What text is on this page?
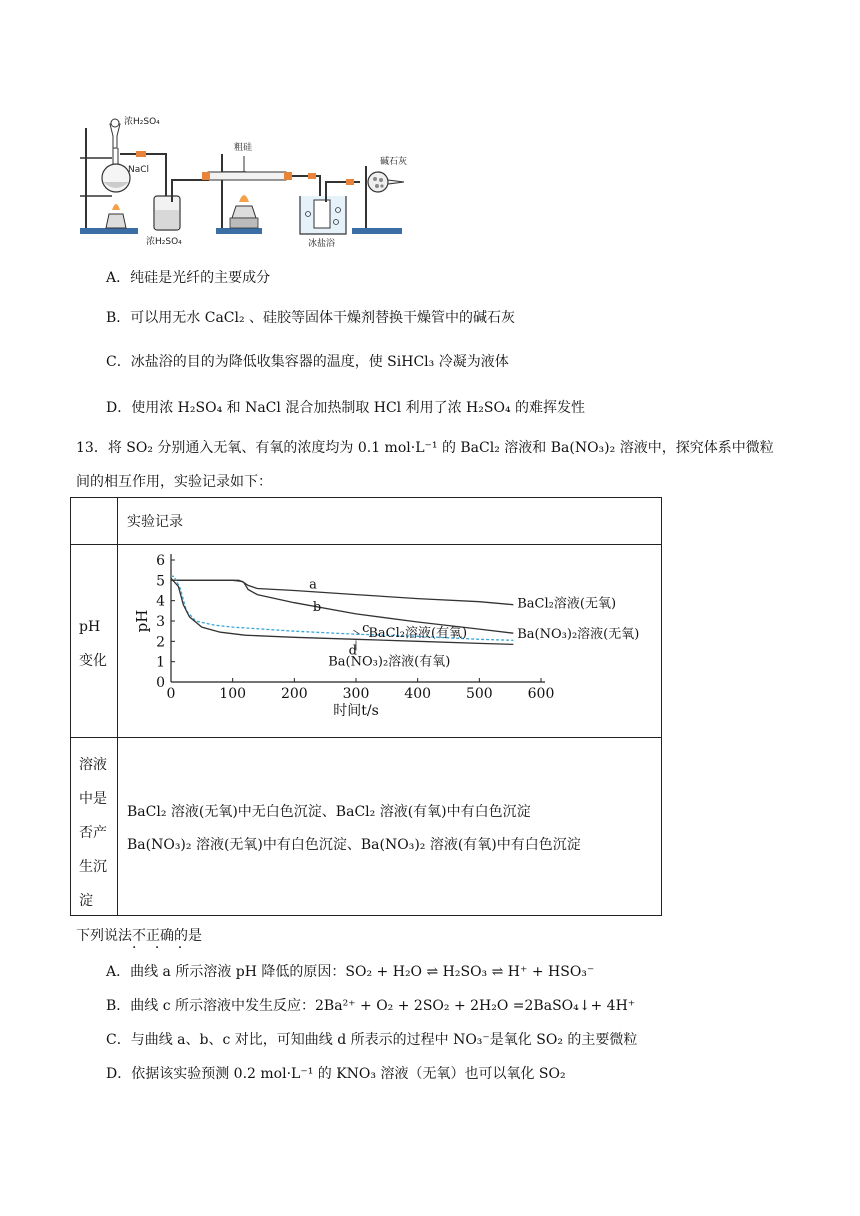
浓H₂SO₄
NaCl
浓H₂SO₄
粗硅
冰盐浴
碱石灰
A．纯硅是光纤的主要成分
B．可以用无水 CaCl₂ 、硅胶等固体干燥剂替换干燥管中的碱石灰
C．冰盐浴的目的为降低收集容器的温度，使 SiHCl₃ 冷凝为液体
D．使用浓 H₂SO₄ 和 NaCl 混合加热制取 HCl 利用了浓 H₂SO₄ 的难挥发性
13．将 SO₂ 分别通入无氧、有氧的浓度均为 0.1 mol·L⁻¹ 的 BaCl₂ 溶液和 Ba(NO₃)₂ 溶液中，探究体系中微粒
间的相互作用，实验记录如下：
实验记录
pH
变化
溶液
中是
否产
生沉
淀
BaCl₂ 溶液(无氧)中无白色沉淀、BaCl₂ 溶液(有氧)中有白色沉淀
Ba(NO₃)₂ 溶液(无氧)中有白色沉淀、Ba(NO₃)₂ 溶液(有氧)中有白色沉淀
0
1
2
3
4
5
6
0	100 200 300 400 500 600
pH
时间t/s
a
b
c
d
BaCl₂溶液(无氧)
Ba(NO₃)₂溶液(无氧)
BaCl₂溶液(有氧)
Ba(NO₃)₂溶液(有氧)
下列说法不正确的是
· · ·
A．曲线 a 所示溶液 pH 降低的原因：SO₂ + H₂O ⇌ H₂SO₃ ⇌ H⁺ + HSO₃⁻
B．曲线 c 所示溶液中发生反应：2Ba²⁺ + O₂ + 2SO₂ + 2H₂O =2BaSO₄↓+ 4H⁺
C．与曲线 a、b、c 对比，可知曲线 d 所表示的过程中 NO₃⁻是氧化 SO₂ 的主要微粒
D．依据该实验预测 0.2 mol·L⁻¹ 的 KNO₃ 溶液（无氧）也可以氧化 SO₂
